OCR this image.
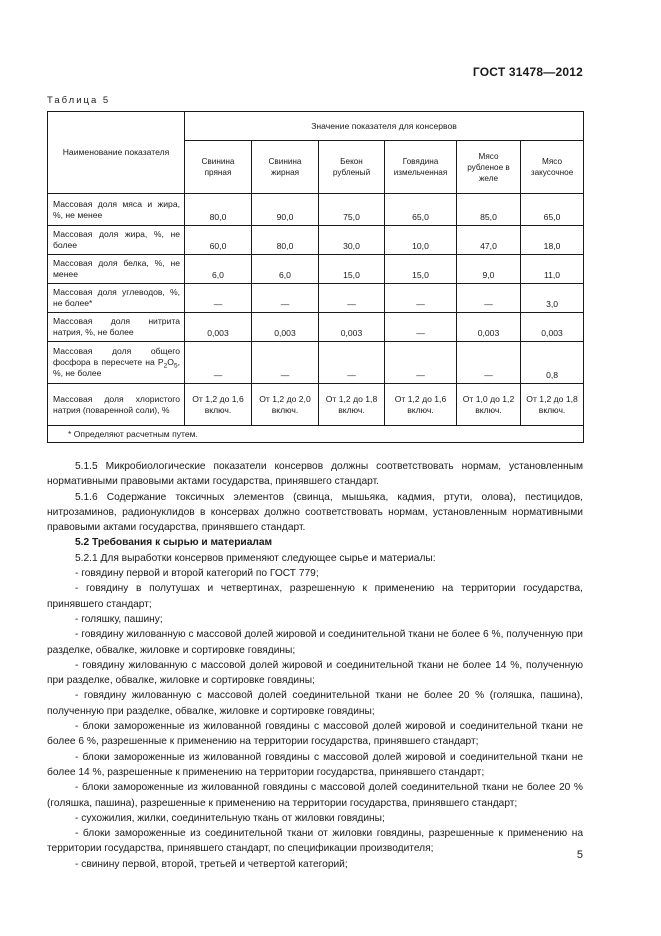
ГОСТ 31478—2012
Таблица 5
Наименование показателя	Значение показателя для консервов					
	Свинина пряная	Свинина жирная	Бекон рубленый	Говядина измельченная	Мясо рубленое в желе	Мясо закусочное
Массовая доля мяса и жира, %, не менее	80,0	90,0	75,0	65,0	85,0	65,0
Массовая доля жира, %, не более	60,0	80,0	30,0	10,0	47,0	18,0
Массовая доля белка, %, не менее	6,0	6,0	15,0	15,0	9,0	11,0
Массовая доля углеводов, %, не более*	—	—	—	—	—	3,0
Массовая доля нитрита натрия, %, не более	0,003	0,003	0,003	—	0,003	0,003
Массовая доля общего фосфора в пересчете на $P_2O_5$, %, не более	—	—	—	—	—	0,8
Массовая доля хлористого натрия (поваренной соли), %	От 1,2 до 1,6 включ.	От 1,2 до 2,0 включ.	От 1,2 до 1,8 включ.	От 1,2 до 1,6 включ.	От 1,0 до 1,2 включ.	От 1,2 до 1,8 включ.
* Определяют расчетным путем.						

5.1.5 Микробиологические показатели консервов должны соответствовать нормам, установленным нормативными правовыми актами государства, принявшего стандарт.

5.1.6 Содержание токсичных элементов (свинца, мышьяка, кадмия, ртути, олова), пестицидов, нитрозаминов, радионуклидов в консервах должно соответствовать нормам, установленным нормативными правовыми актами государства, принявшего стандарт.

5.2 Требования к сырью и материалам

5.2.1 Для выработки консервов применяют следующее сырье и материалы:

- говядину первой и второй категорий по ГОСТ 779;

- говядину в полутушах и четвертинах, разрешенную к применению на территории государства, принявшего стандарт;

- голяшку, пашину;

- говядину жилованную с массовой долей жировой и соединительной ткани не более 6 %, полученную при разделке, обвалке, жиловке и сортировке говядины;

- говядину жилованную с массовой долей жировой и соединительной ткани не более 14 %, полученную при разделке, обвалке, жиловке и сортировке говядины;

- говядину жилованную с массовой долей соединительной ткани не более 20 % (голяшка, пашина), полученную при разделке, обвалке, жиловке и сортировке говядины;

- блоки замороженные из жилованной говядины с массовой долей жировой и соединительной ткани не более 6 %, разрешенные к применению на территории государства, принявшего стандарт;

- блоки замороженные из жилованной говядины с массовой долей жировой и соединительной ткани не более 14 %, разрешенные к применению на территории государства, принявшего стандарт;

- блоки замороженные из жилованной говядины с массовой долей соединительной ткани не более 20 % (голяшка, пашина), разрешенные к применению на территории государства, принявшего стандарт;

- сухожилия, жилки, соединительную ткань от жиловки говядины;

- блоки замороженные из соединительной ткани от жиловки говядины, разрешенные к применению на территории государства, принявшего стандарт, по спецификации производителя;

- свинину первой, второй, третьей и четвертой категорий;

5
